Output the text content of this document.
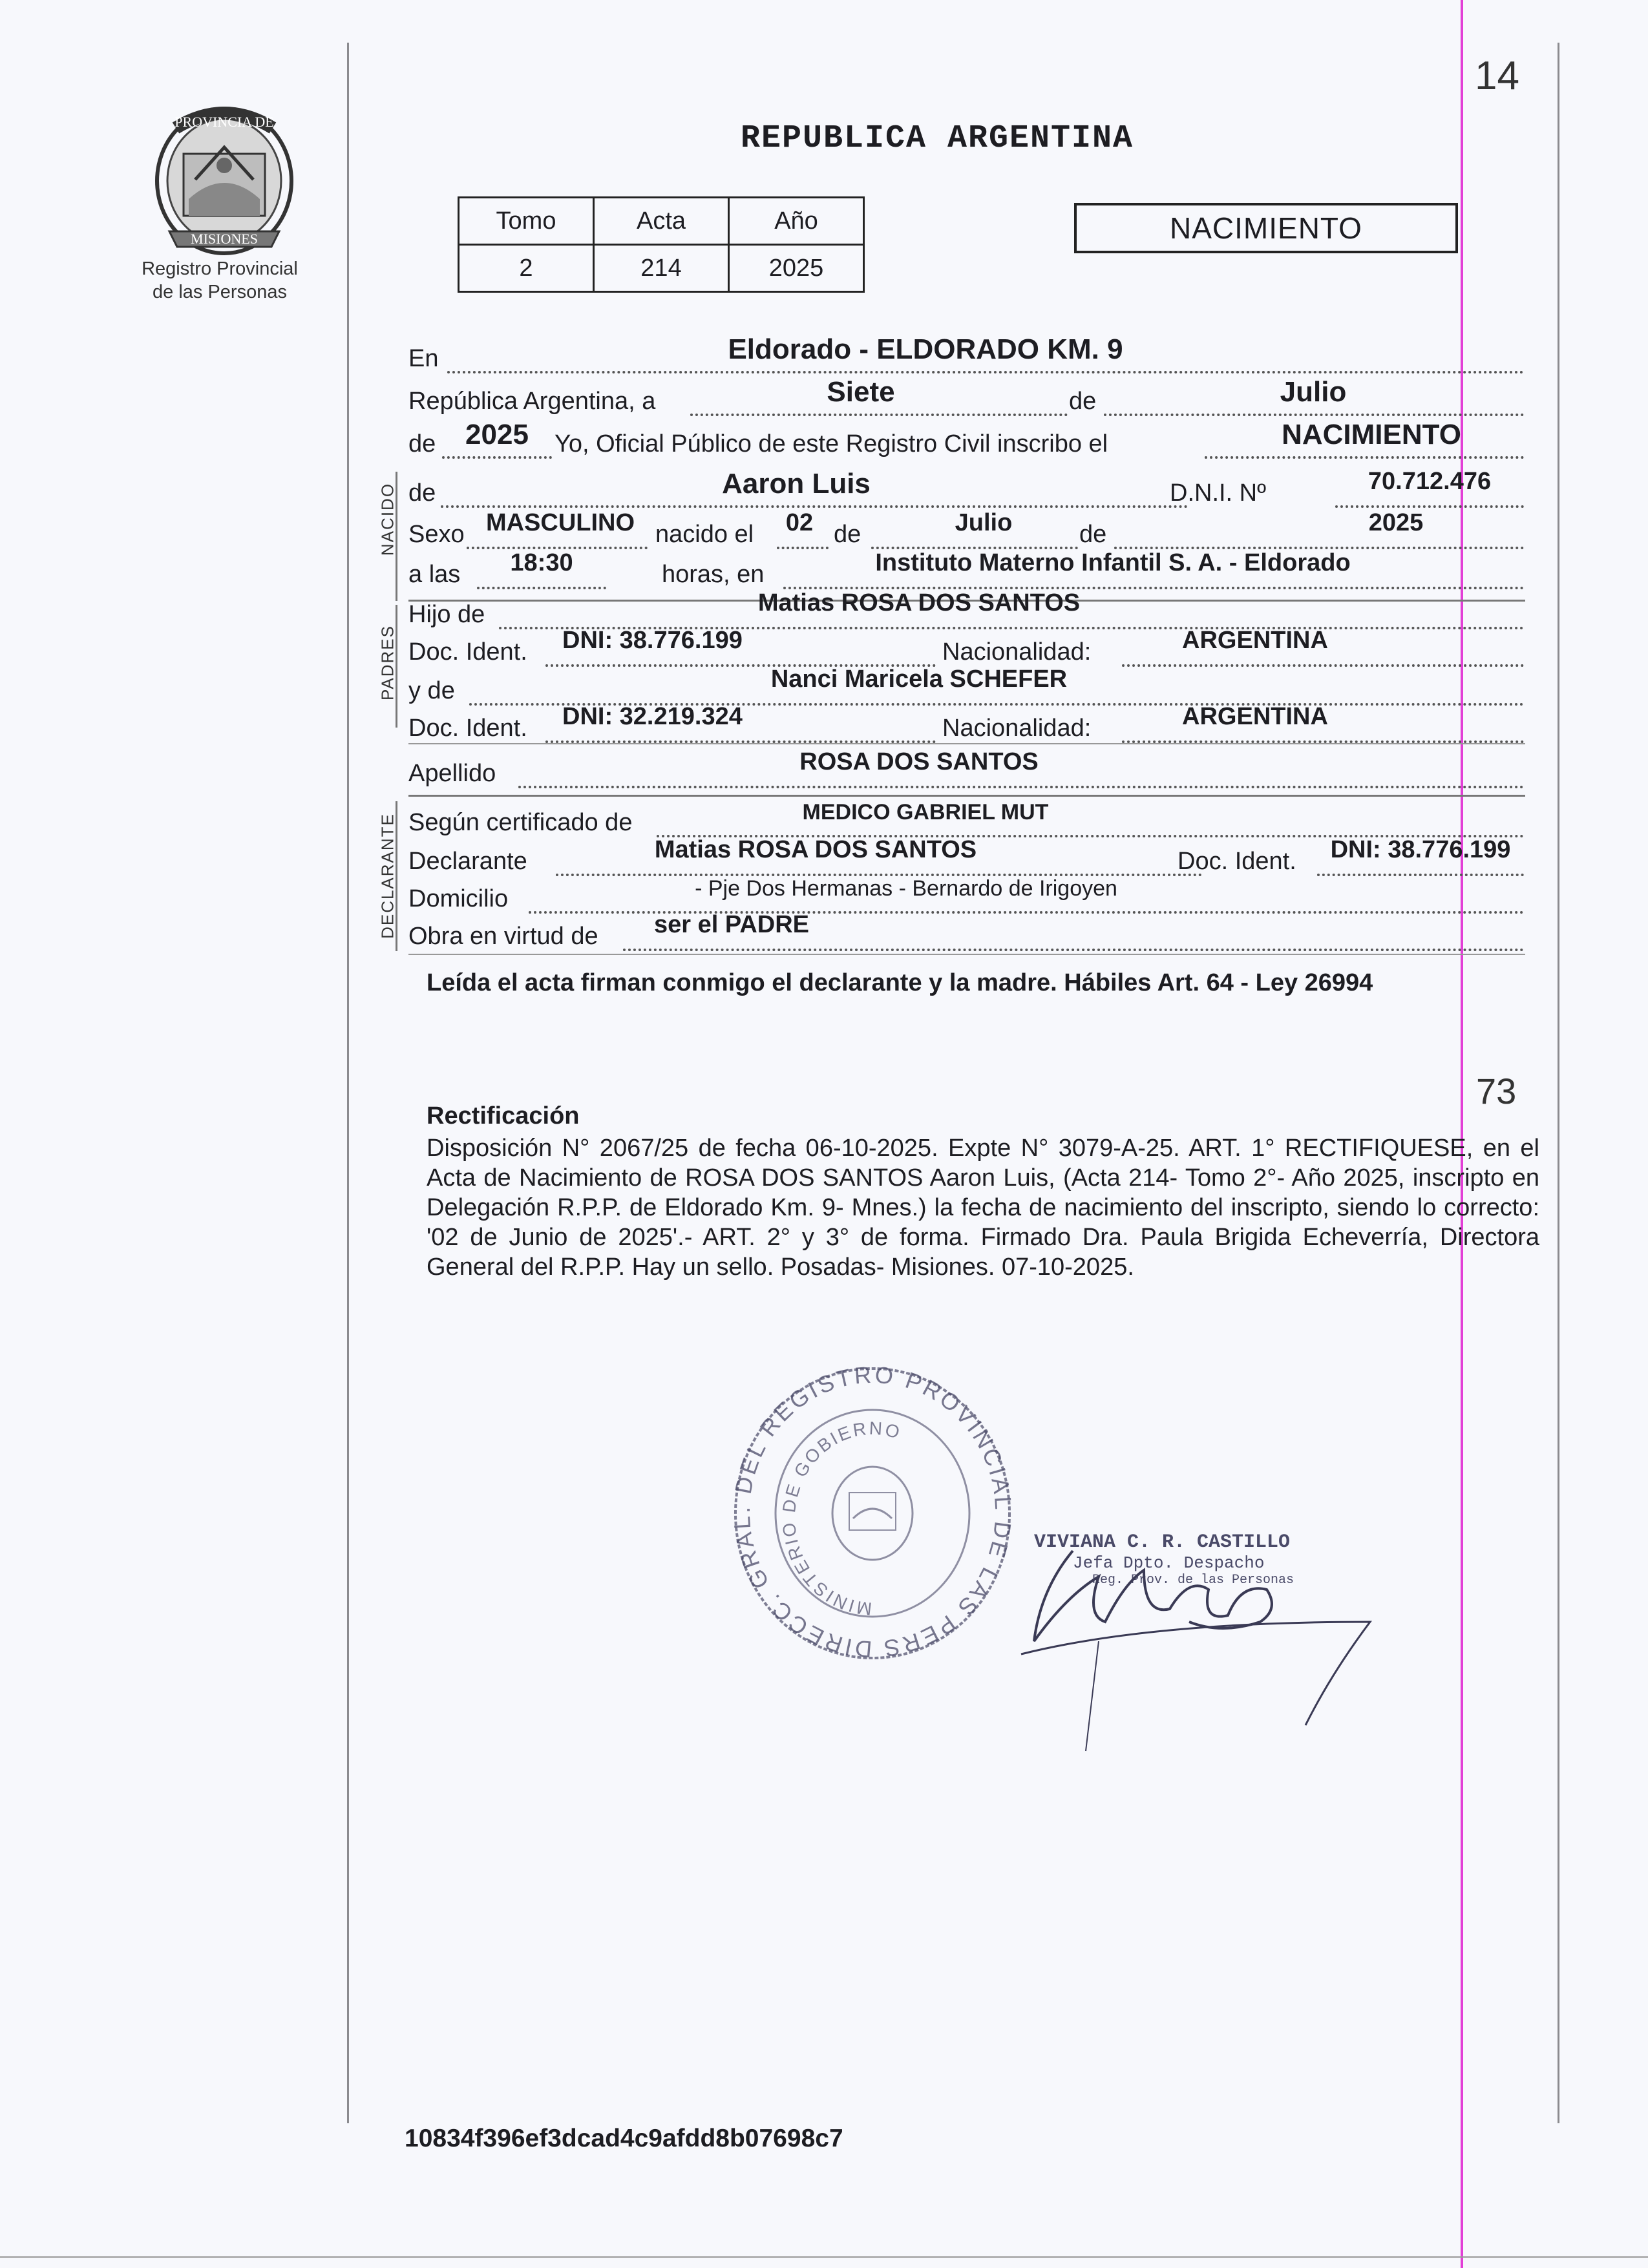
14
73
PROVINCIA DE
MISIONES
Registro Provincial
de las Personas
REPUBLICA ARGENTINA
Tomo	Acta	Año
2	214	2025
NACIMIENTO
En	Eldorado - ELDORADO KM. 9
República Argentina, a	Siete	de	Julio
de	2025	Yo, Oficial Público de este Registro Civil inscribo el	NACIMIENTO
NACIDO de	Aaron Luis	D.N.I. Nº	70.712.476
Sexo MASCULINO nacido el	02 de	Julio	de	2025
a las	18:30	horas, en	Instituto Materno Infantil S. A. - Eldorado
PADRES
Hijo de	Matias ROSA DOS SANTOS
Doc. Ident. DNI: 38.776.199	Nacionalidad:	ARGENTINA
y de	Nanci Maricela SCHEFER
Doc. Ident. DNI: 32.219.324	Nacionalidad:	ARGENTINA
Apellido	ROSA DOS SANTOS
DECLARANTE Según certificado de	MEDICO GABRIEL MUT
Declarante	Matias ROSA DOS SANTOS	Doc. Ident.	DNI: 38.776.199
Domicilio	- Pje Dos Hermanas - Bernardo de Irigoyen
Obra en virtud de	ser el PADRE
Leída el acta firman conmigo el declarante y la madre. Hábiles Art. 64 - Ley 26994
Rectificación
Disposición N° 2067/25 de fecha 06-10-2025. Expte N° 3079-A-25. ART. 1° RECTIFIQUESE, en el Acta de Nacimiento de ROSA DOS SANTOS Aaron Luis, (Acta 214- Tomo 2°- Año 2025, inscripto en Delegación R.P.P. de Eldorado Km. 9- Mnes.) la fecha de nacimiento del inscripto, siendo lo correcto: '02 de Junio de 2025'.- ART. 2° y 3° de forma. Firmado Dra. Paula Brigida Echeverría, Directora General del R.P.P. Hay un sello. Posadas- Misiones. 07-10-2025.
DIRECC. GRAL. DEL REGISTRO PROVINCIAL DE LAS PERS
MINISTERIO DE GOBIERNO
VIVIANA C. R. CASTILLO
Jefa Dpto. Despacho
Reg. Prov. de las Personas
10834f396ef3dcad4c9afdd8b07698c7
